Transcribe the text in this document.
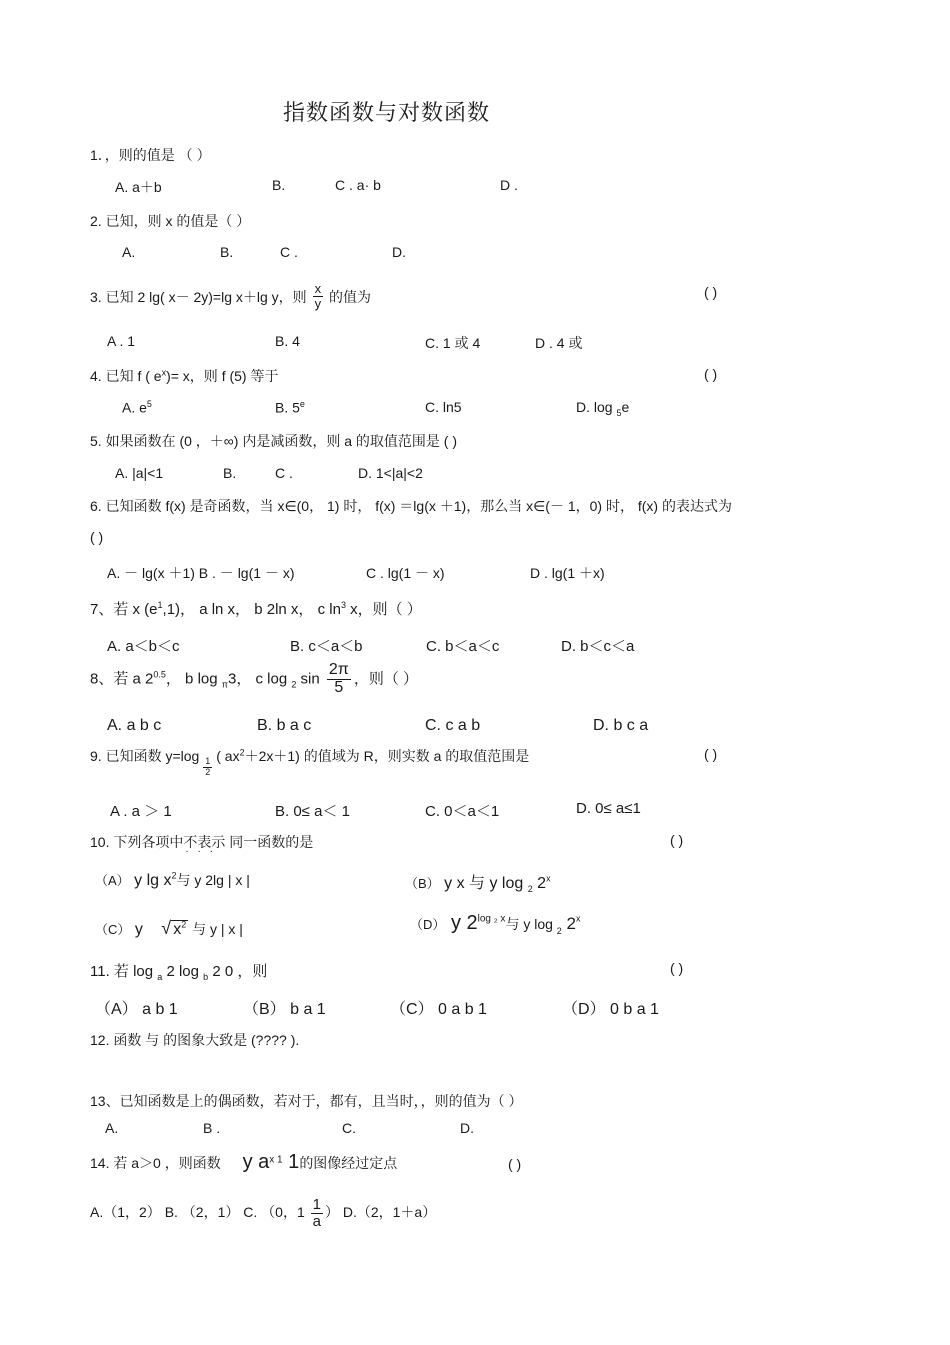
指数函数与对数函数
1．，则的值是 （ ）
A. a＋b	B.	C . a· b	D .
2. 已知，则 x 的值是（ ）
A.	B.	C .	D.
3. 已知 2 lg( x－ 2y)=lg x＋lg y，则 $\frac{x}{y}$ 的值为	( )
A . 1	B. 4	C. 1 或 4	D . 4 或
4. 已知 f ( $e^x)= x$，则 f (5) 等于	( )
A. $e^5$	B. 5e	C. ln5	D. log $_5$e
5. 如果函数在 (0 ，＋∞) 内是减函数，则 a 的取值范围是 ( )
A. |a|<1	B.	C .	D. 1<|a|<2
6. 已知函数 f(x) 是奇函数，当 x∈(0， 1) 时， f(x) ＝lg(x ＋1)，那么当 x∈(－ 1，0) 时， f(x) 的表达式为
( )
A. － lg(x ＋1) B . － lg(1 － x)	C . lg(1 － x)	D . lg(1 ＋x)
7、若 x $(e^1,1)$， a ln x， b 2ln x， c $\ln^3 x$，则（ ）
A. a＜b＜c	B. c＜a＜b	C. b＜a＜c	D. b＜c＜a
8、若 a $2^{0.5}$， b log $_\pi$3， c log $_2$ $\sin \frac{2\pi}{5}$ ，则（ ）
A. a b c	B. b a c	C. c a b	D. b c a
9. 已知函数 y=log
$\frac{1}{2}$
( $ax^2+2x+1$) 的值域为 R，则实数 a 的取值范围是	( )
A . a ＞ 1	B. 0≤ a＜ 1	C. 0＜a＜1	D. 0≤ a≤1
10. 下列各项中不表示 · · · 同一函数的是	( )
（A） y $\lg x^2$与 y 2lg | x |	（B） y x 与 y log $_2$ 2$^x$
（C） y √ $x^2$ 与 y | x |	（D） y $2^{log _2 x}$与 y log $_2$ 2$^x$
11. 若 log $_a$ 2 log $_b$ 2 0 ，则	( )
（A） a b 1	（B） b a 1	（C） 0 a b 1	（D） 0 b a 1
12. 函数 与 的图象大致是 (???? ).
13、已知函数是上的偶函数，若对于，都有，且当时，，则的值为（ ）
A.	B .	C.	D.
14. 若 a＞0 ，则函数 y $a^{x 1}$ 1的图像经过定点	( )
A.（1，2） B. （2，1） C. （0，$1 \frac{1}{a}$ ） D.（2，1＋a）
